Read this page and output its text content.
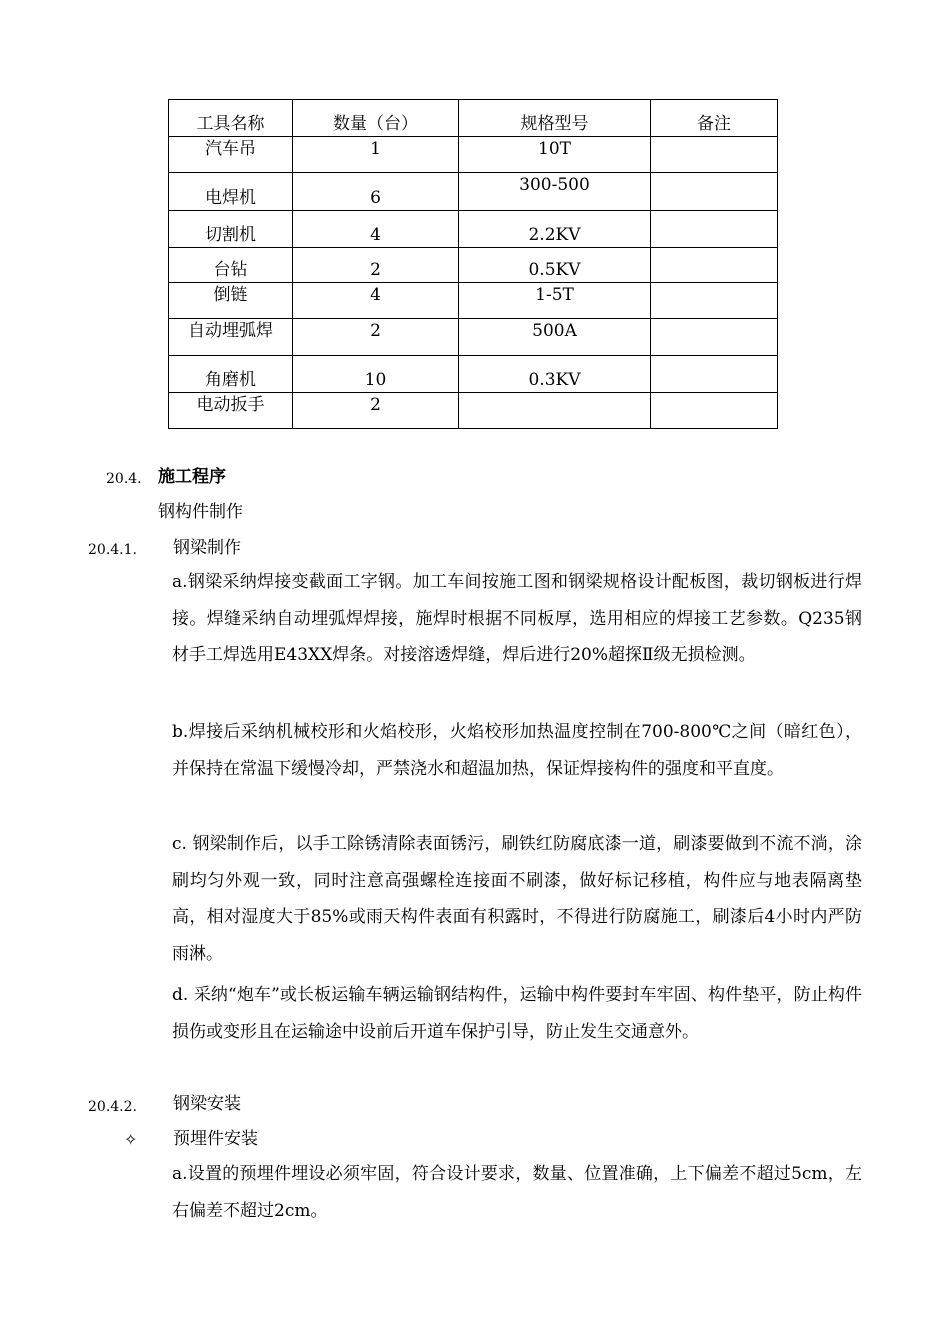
工具名称	数量（台）	规格型号	备注
汽车吊	1	10T	
电焊机	6	300-500	
切割机	4	2.2KV	
台钻	2	0.5KV	
倒链	4	1-5T	
自动埋弧焊	2	500A	
角磨机	10	0.3KV	
电动扳手	2		
20.4. 施工程序
钢构件制作
20.4.1. 钢梁制作
a.钢梁采纳焊接变截面工字钢。加工车间按施工图和钢梁规格设计配板图，裁切钢板进行焊接。焊缝采纳自动埋弧焊焊接，施焊时根据不同板厚，选用相应的焊接工艺参数。Q235钢材手工焊选用E43XX焊条。对接溶透焊缝，焊后进行20%超探Ⅱ级无损检测。
b.焊接后采纳机械校形和火焰校形，火焰校形加热温度控制在700-800℃之间（暗红色），并保持在常温下缓慢冷却，严禁浇水和超温加热，保证焊接构件的强度和平直度。
c. 钢梁制作后，以手工除锈清除表面锈污，刷铁红防腐底漆一道，刷漆要做到不流不淌，涂刷均匀外观一致，同时注意高强螺栓连接面不刷漆，做好标记移植，构件应与地表隔离垫高，相对湿度大于85%或雨天构件表面有积露时，不得进行防腐施工，刷漆后4小时内严防雨淋。
d. 采纳“炮车”或长板运输车辆运输钢结构件，运输中构件要封车牢固、构件垫平，防止构件损伤或变形且在运输途中设前后开道车保护引导，防止发生交通意外。
20.4.2. 钢梁安装
✧ 预埋件安装
a.设置的预埋件埋设必须牢固，符合设计要求，数量、位置准确，上下偏差不超过5cm，左右偏差不超过2cm。
